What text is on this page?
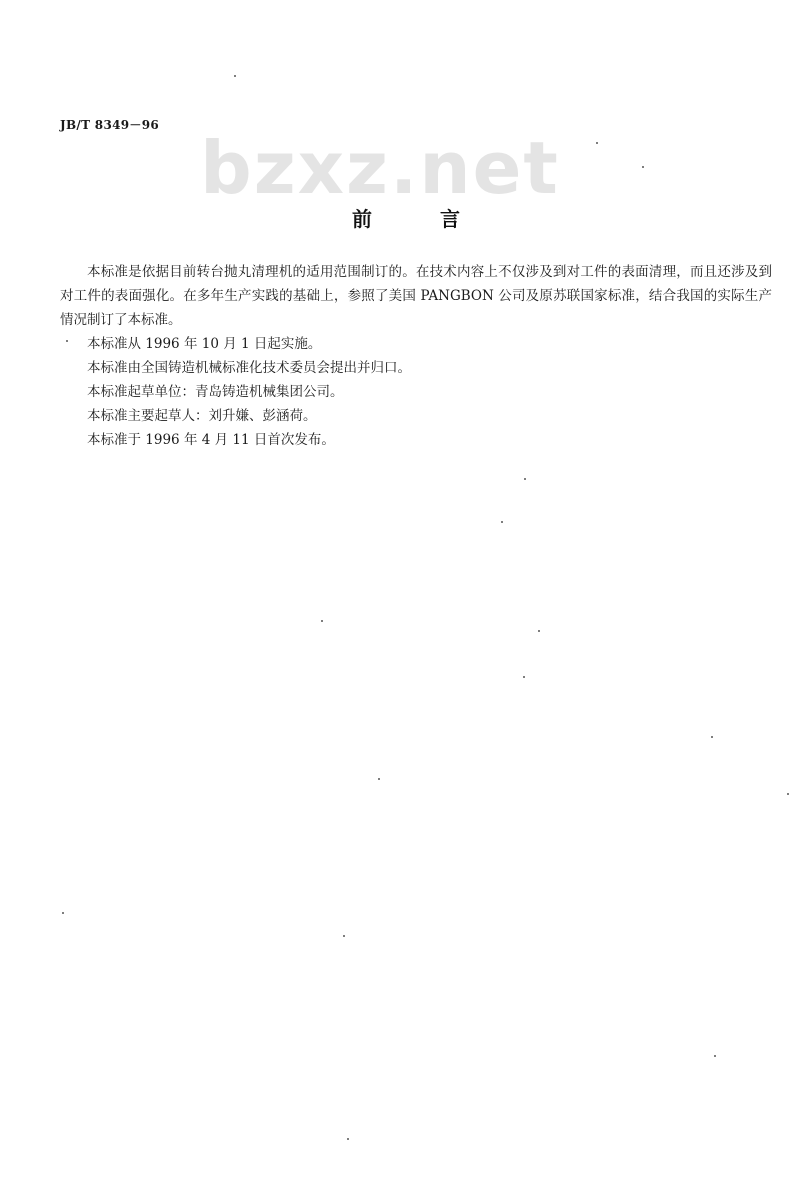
JB/T 8349－96
bzxz.net
前言

本标准是依据目前转台抛丸清理机的适用范围制订的。在技术内容上不仅涉及到对工件的表面清理，而且还涉及到对工件的表面强化。在多年生产实践的基础上，参照了美国 PANGBON 公司及原苏联国家标准，结合我国的实际生产情况制订了本标准。

本标准从 1996 年 10 月 1 日起实施。

本标准由全国铸造机械标准化技术委员会提出并归口。

本标准起草单位：青岛铸造机械集团公司。

本标准主要起草人：刘升嫌、彭涵荷。

本标准于 1996 年 4 月 11 日首次发布。
